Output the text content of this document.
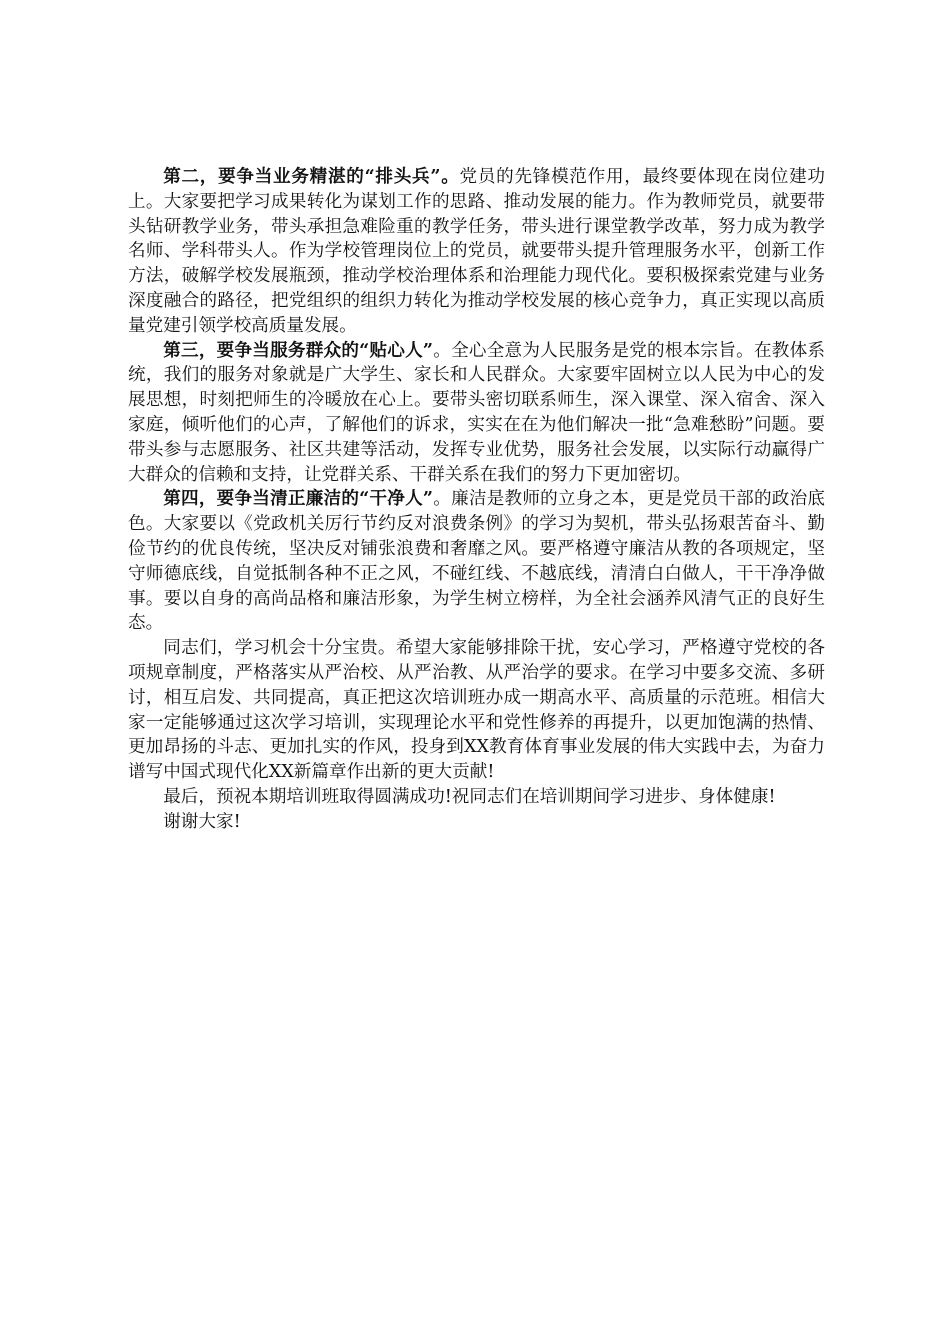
第二，要争当业务精湛的“排头兵”。党员的先锋模范作用，最终要体现在岗位建功上。大家要把学习成果转化为谋划工作的思路、推动发展的能力。作为教师党员，就要带头钻研教学业务，带头承担急难险重的教学任务，带头进行课堂教学改革，努力成为教学名师、学科带头人。作为学校管理岗位上的党员，就要带头提升管理服务水平，创新工作方法，破解学校发展瓶颈，推动学校治理体系和治理能力现代化。要积极探索党建与业务深度融合的路径，把党组织的组织力转化为推动学校发展的核心竞争力，真正实现以高质量党建引领学校高质量发展。

第三，要争当服务群众的“贴心人”。全心全意为人民服务是党的根本宗旨。在教体系统，我们的服务对象就是广大学生、家长和人民群众。大家要牢固树立以人民为中心的发展思想，时刻把师生的冷暖放在心上。要带头密切联系师生，深入课堂、深入宿舍、深入家庭，倾听他们的心声，了解他们的诉求，实实在在为他们解决一批“急难愁盼”问题。要带头参与志愿服务、社区共建等活动，发挥专业优势，服务社会发展，以实际行动赢得广大群众的信赖和支持，让党群关系、干群关系在我们的努力下更加密切。

第四，要争当清正廉洁的“干净人”。廉洁是教师的立身之本，更是党员干部的政治底色。大家要以《党政机关厉行节约反对浪费条例》的学习为契机，带头弘扬艰苦奋斗、勤俭节约的优良传统，坚决反对铺张浪费和奢靡之风。要严格遵守廉洁从教的各项规定，坚守师德底线，自觉抵制各种不正之风，不碰红线、不越底线，清清白白做人，干干净净做事。要以自身的高尚品格和廉洁形象，为学生树立榜样，为全社会涵养风清气正的良好生态。

同志们，学习机会十分宝贵。希望大家能够排除干扰，安心学习，严格遵守党校的各项规章制度，严格落实从严治校、从严治教、从严治学的要求。在学习中要多交流、多研讨，相互启发、共同提高，真正把这次培训班办成一期高水平、高质量的示范班。相信大家一定能够通过这次学习培训，实现理论水平和党性修养的再提升，以更加饱满的热情、更加昂扬的斗志、更加扎实的作风，投身到XX教育体育事业发展的伟大实践中去，为奋力谱写中国式现代化XX新篇章作出新的更大贡献!

最后，预祝本期培训班取得圆满成功!祝同志们在培训期间学习进步、身体健康!

谢谢大家!
